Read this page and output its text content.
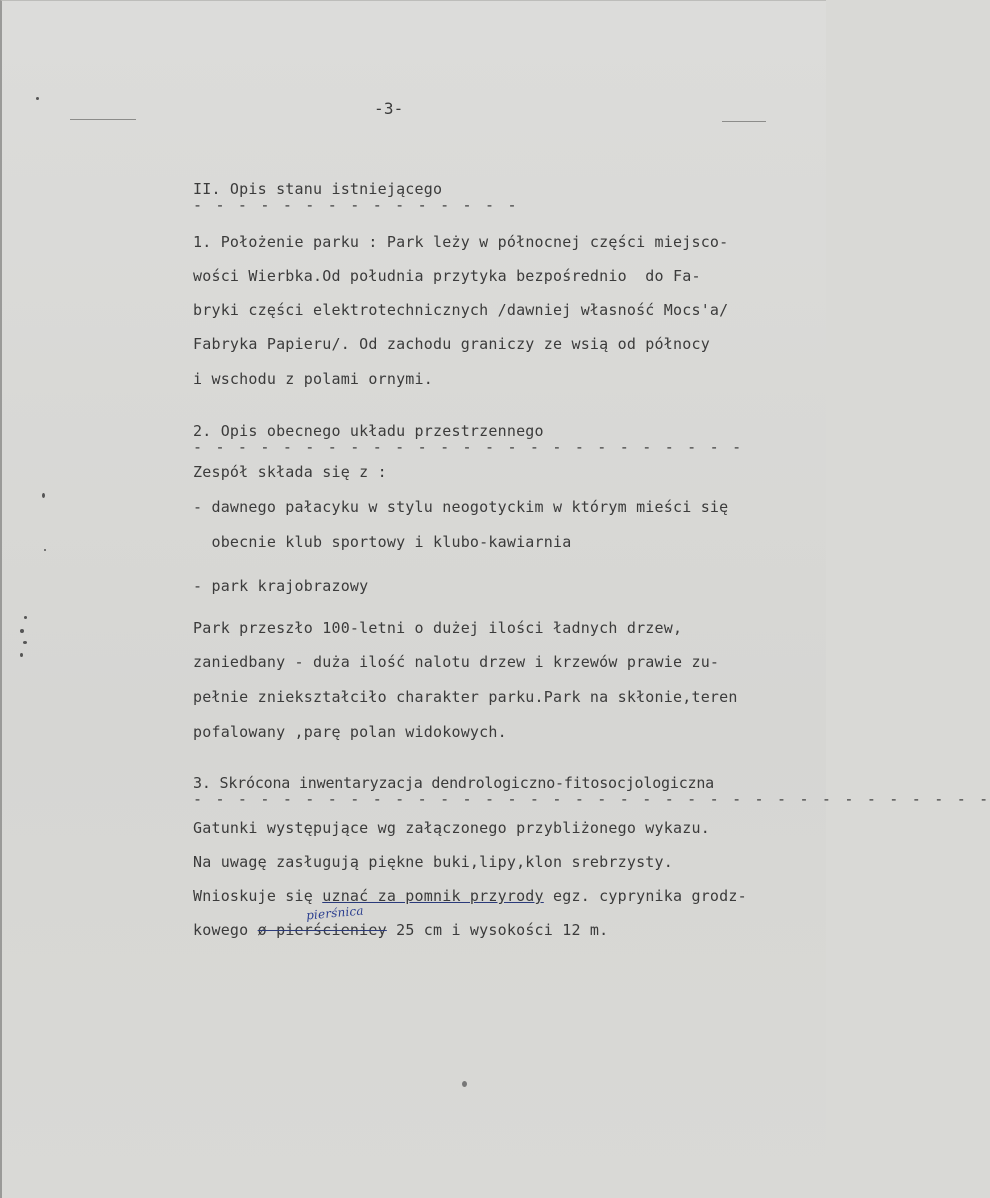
-3-
II. Opis stanu istniejącego
- - - - - - - - - - - - - - -
1. Położenie parku : Park leży w północnej części miejsco-
wości Wierbka.Od południa przytyka bezpośrednio  do Fa-
bryki części elektrotechnicznych /dawniej własność Mocs'a/
Fabryka Papieru/. Od zachodu graniczy ze wsią od północy
i wschodu z polami ornymi.
2. Opis obecnego układu przestrzennego
- - - - - - - - - - - - - - - - - - - - - - - - -
Zespół składa się z :
- dawnego pałacyku w stylu neogotyckim w którym mieści się
obecnie klub sportowy i klubo-kawiarnia
- park krajobrazowy
Park przeszło 100-letni o dużej ilości ładnych drzew,
zaniedbany - duża ilość nalotu drzew i krzewów prawie zu-
pełnie zniekształciło charakter parku.Park na skłonie,teren
pofalowany ,parę polan widokowych.
3. Skrócona inwentaryzacja dendrologiczno-fitosocjologiczna
- - - - - - - - - - - - - - - - - - - - - - - - - - - - - - - - - - - -
Gatunki występujące wg załączonego przybliżonego wykazu.
Na uwagę zasługują piękne buki,lipy,klon srebrzysty.
Wnioskuje się uznać za pomnik przyrody egz. cyprynika grodz-
pierśnica
kowego ø pierścieniey 25 cm i wysokości 12 m.
